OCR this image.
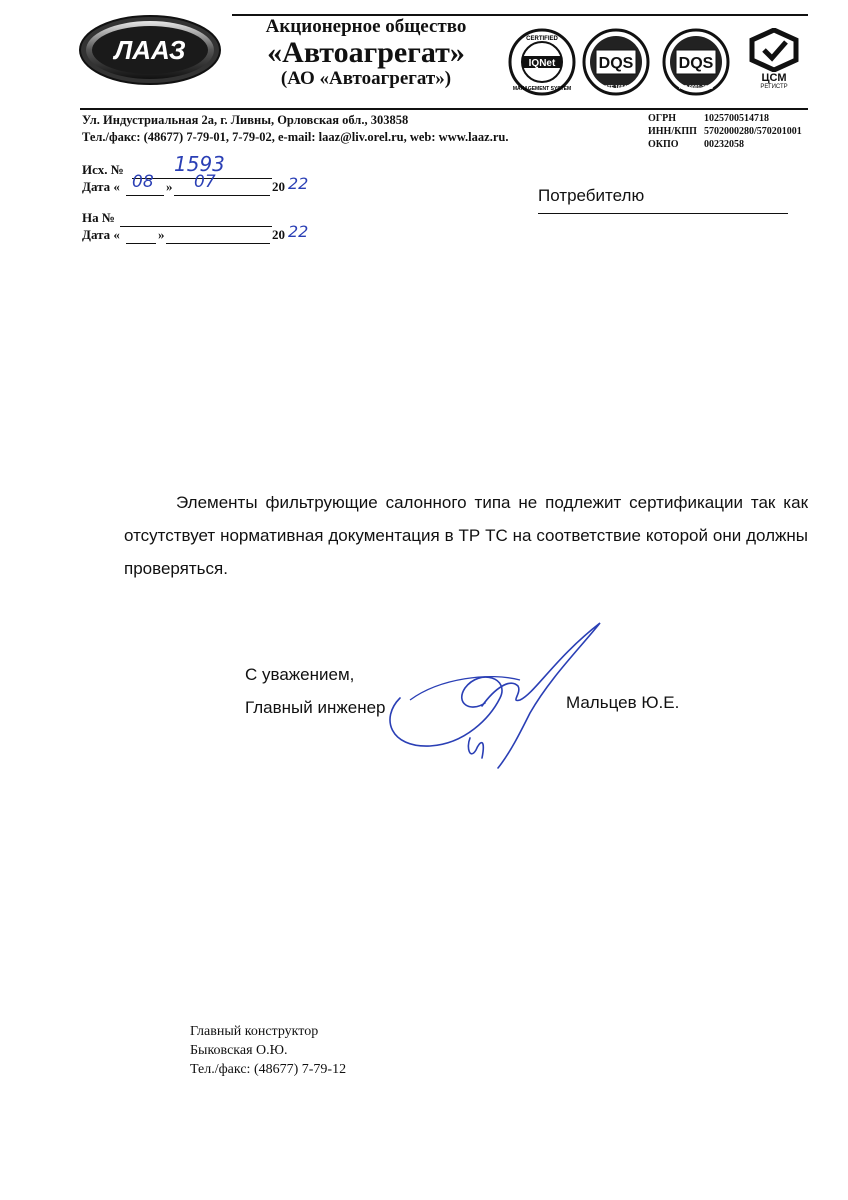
ЛААЗ
Акционерное общество
«Автоагрегат»
(АО «Автоагрегат»)
IQNet
CERTIFIED
MANAGEMENT SYSTEM
DQS
IATF 16949
DQS
ISO 9001:2015
ЦСМ
РЕГИСТР
Ул. Индустриальная 2а, г. Ливны, Орловская обл., 303858
Тел./факс: (48677) 7-79-01, 7-79-02, e-mail: laaz@liv.orel.ru, web: www.laaz.ru.
ОГРН	1025700514718
ИНН/КПП 5702000280/570201001
ОКПО	00232058
Исх. №	1593
Дата « 08 » 07	20 22
На №
Дата «	»	20 22
Потребителю
Элементы фильтрующие салонного типа не подлежит сертификации так как отсутствует нормативная документация в ТР ТС на соответствие которой они должны проверяться.
С уважением,
Главный инженер	Мальцев Ю.Е.
Главный конструктор
Быковская О.Ю.
Тел./факс: (48677) 7-79-12
